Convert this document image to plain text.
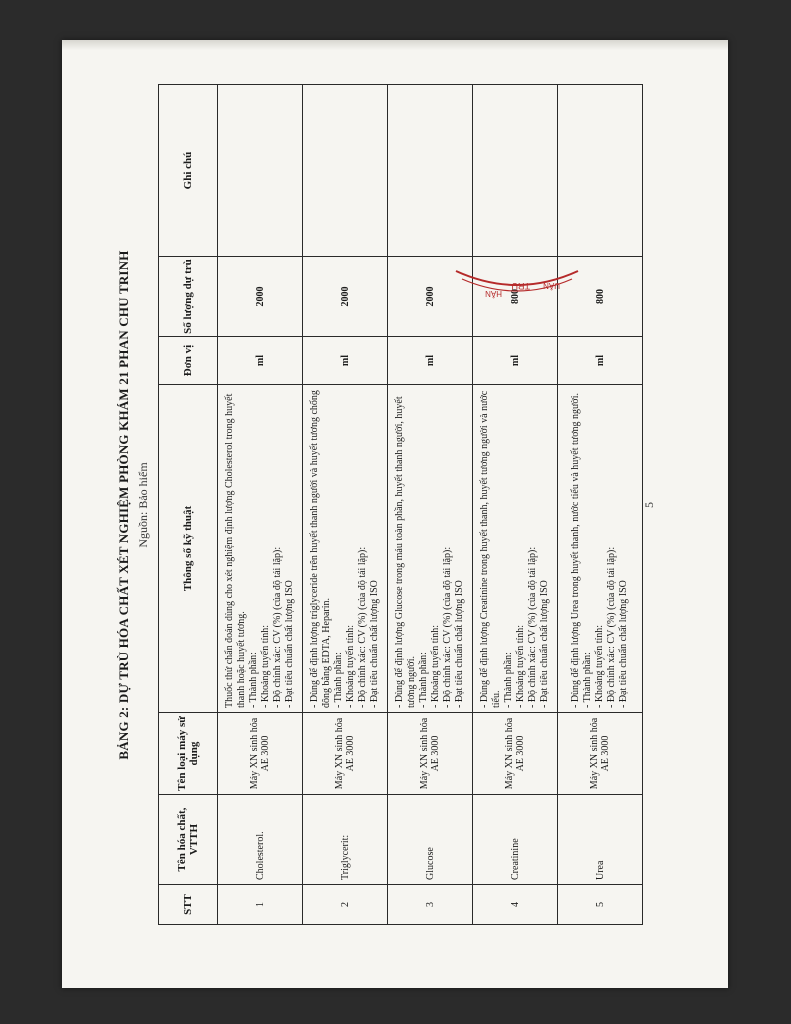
BẢNG 2: DỰ TRÙ HÓA CHẤT XÉT NGHIỆM PHÒNG KHÁM 21 PHAN CHU TRINH Nguồn: Bảo hiểm
STT	Tên hóa chất, VTTH	Tên loại máy sử dụng	Thông số kỹ thuật	Đơn vị	Số lượng dự trù	Ghi chú
1	Cholesterol.	Máy XN sinh hóa AE 3000	Thuốc thử chẩn đoán dùng cho xét nghiệm định lượng Cholesterol trong huyết thanh hoặc huyết tương. - Thành phần: - Khoảng tuyến tính: - Độ chính xác: CV (%) (của độ tái lặp): - Đạt tiêu chuẩn chất lượng ISO	ml	2000	
2	Triglycerit:	Máy XN sinh hóa AE 3000	- Dùng để định lượng triglyceride trên huyết thanh người và huyết tương chống đông bằng EDTA, Heparin. - Thành phần: - Khoảng tuyến tính: - Độ chính xác: CV (%) (của độ tái lặp): - Đạt tiêu chuẩn chất lượng ISO	ml	2000	
3	Glucose	Máy XN sinh hóa AE 3000	- Dùng để định lượng Glucose trong máu toàn phần, huyết thanh người, huyết tương người. - Thành phần: - Khoảng tuyến tính: - Độ chính xác: CV (%) (của độ tái lặp): - Đạt tiêu chuẩn chất lượng ISO	ml	2000	
4	Creatinine	Máy XN sinh hóa AE 3000	- Dùng để định lượng Creatinine trong huyết thanh, huyết tương người và nước tiểu. - Thành phần: - Khoảng tuyến tính: - Độ chính xác: CV (%) (của độ tái lặp): - Đạt tiêu chuẩn chất lượng ISO	ml	800	
5	Urea	Máy XN sinh hóa AE 3000	- Dùng để định lượng Urea trong huyết thanh, nước tiểu và huyết tương người. - Thành phần: - Khoảng tuyến tính: - Độ chính xác: CV (%) (của độ tái lặp): - Đạt tiêu chuẩn chất lượng ISO	ml	800	
5
HÂN
TRU UÂN
